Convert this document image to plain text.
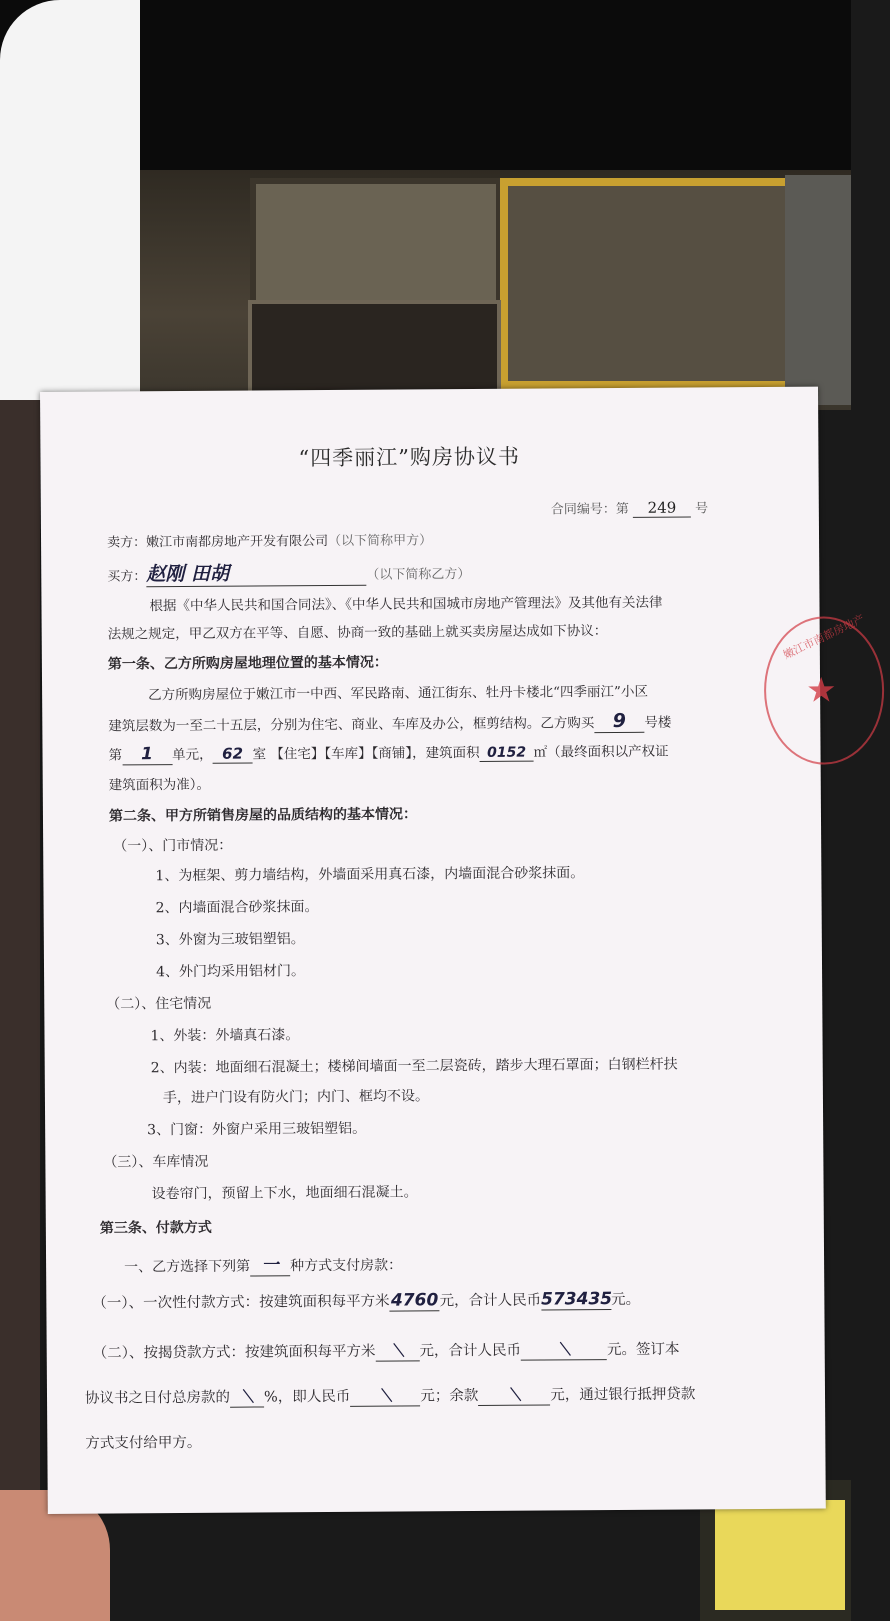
“四季丽江”购房协议书
合同编号：第 249 号
卖方：嫩江市南都房地产开发有限公司（以下简称甲方）
买方：赵刚 田胡	（以下简称乙方）
根据《中华人民共和国合同法》、《中华人民共和国城市房地产管理法》及其他有关法律
法规之规定，甲乙双方在平等、自愿、协商一致的基础上就买卖房屋达成如下协议：
第一条、乙方所购房屋地理位置的基本情况：
乙方所购房屋位于嫩江市一中西、军民路南、通江街东、牡丹卡楼北“四季丽江”小区
建筑层数为一至二十五层，分别为住宅、商业、车库及办公，框剪结构。乙方购买 9 号楼
第 1 单元， 62 室 【住宅】【车库】【商铺】，建筑面积 0152 ㎡（最终面积以产权证
建筑面积为准）。
第二条、甲方所销售房屋的品质结构的基本情况：
（一）、门市情况：
1、为框架、剪力墙结构，外墙面采用真石漆，内墙面混合砂浆抹面。
2、内墙面混合砂浆抹面。
3、外窗为三玻铝塑铝。
4、外门均采用铝材门。
（二）、住宅情况
1、外装：外墙真石漆。
2、内装：地面细石混凝土；楼梯间墙面一至二层瓷砖，踏步大理石罩面；白钢栏杆扶
手，进户门设有防火门；内门、框均不设。
3、门窗：外窗户采用三玻铝塑铝。
（三）、车库情况
设卷帘门，预留上下水，地面细石混凝土。
第三条、付款方式
一、乙方选择下列第 一 种方式支付房款：
（一）、一次性付款方式：按建筑面积每平方米4760元，合计人民币573435元。
（二）、按揭贷款方式：按建筑面积每平方米 ＼ 元，合计人民币 ＼ 元。签订本
协议书之日付总房款的 ＼ %，即人民币 ＼ 元；余款 ＼ 元，通过银行抵押贷款
方式支付给甲方。
嫩江市南都房地产
★
